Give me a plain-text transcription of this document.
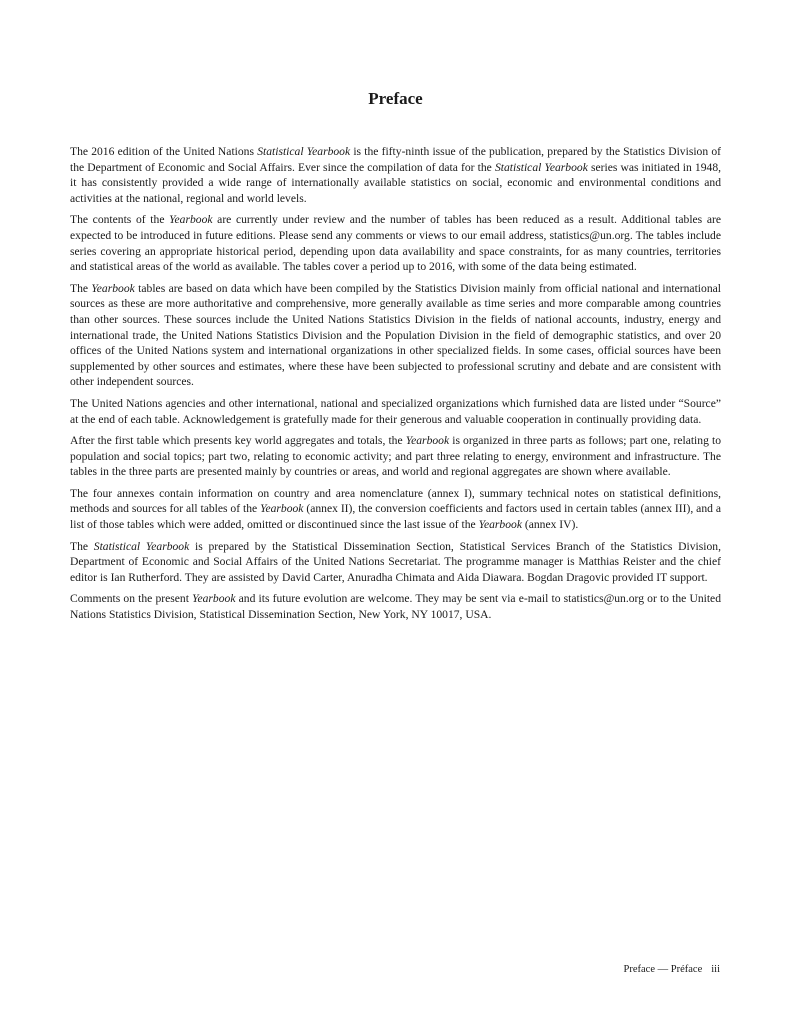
Preface

The 2016 edition of the United Nations Statistical Yearbook is the fifty-ninth issue of the publication, prepared by the Statistics Division of the Department of Economic and Social Affairs. Ever since the compilation of data for the Statistical Yearbook series was initiated in 1948, it has consistently provided a wide range of internationally available statistics on social, economic and environmental conditions and activities at the national, regional and world levels.

The contents of the Yearbook are currently under review and the number of tables has been reduced as a result. Additional tables are expected to be introduced in future editions. Please send any comments or views to our email address, statistics@un.org. The tables include series covering an appropriate historical period, depending upon data availability and space constraints, for as many countries, territories and statistical areas of the world as available. The tables cover a period up to 2016, with some of the data being estimated.

The Yearbook tables are based on data which have been compiled by the Statistics Division mainly from official national and international sources as these are more authoritative and comprehensive, more generally available as time series and more comparable among countries than other sources. These sources include the United Nations Statistics Division in the fields of national accounts, industry, energy and international trade, the United Nations Statistics Division and the Population Division in the field of demographic statistics, and over 20 offices of the United Nations system and international organizations in other specialized fields. In some cases, official sources have been supplemented by other sources and estimates, where these have been subjected to professional scrutiny and debate and are consistent with other independent sources.

The United Nations agencies and other international, national and specialized organizations which furnished data are listed under “Source” at the end of each table. Acknowledgement is gratefully made for their generous and valuable cooperation in continually providing data.

After the first table which presents key world aggregates and totals, the Yearbook is organized in three parts as follows; part one, relating to population and social topics; part two, relating to economic activity; and part three relating to energy, environment and infrastructure. The tables in the three parts are presented mainly by countries or areas, and world and regional aggregates are shown where available.

The four annexes contain information on country and area nomenclature (annex I), summary technical notes on statistical definitions, methods and sources for all tables of the Yearbook (annex II), the conversion coefficients and factors used in certain tables (annex III), and a list of those tables which were added, omitted or discontinued since the last issue of the Yearbook (annex IV).

The Statistical Yearbook is prepared by the Statistical Dissemination Section, Statistical Services Branch of the Statistics Division, Department of Economic and Social Affairs of the United Nations Secretariat. The programme manager is Matthias Reister and the chief editor is Ian Rutherford. They are assisted by David Carter, Anuradha Chimata and Aida Diawara. Bogdan Dragovic provided IT support.

Comments on the present Yearbook and its future evolution are welcome. They may be sent via e-mail to statistics@un.org or to the United Nations Statistics Division, Statistical Dissemination Section, New York, NY 10017, USA.

Preface — Préface iii
